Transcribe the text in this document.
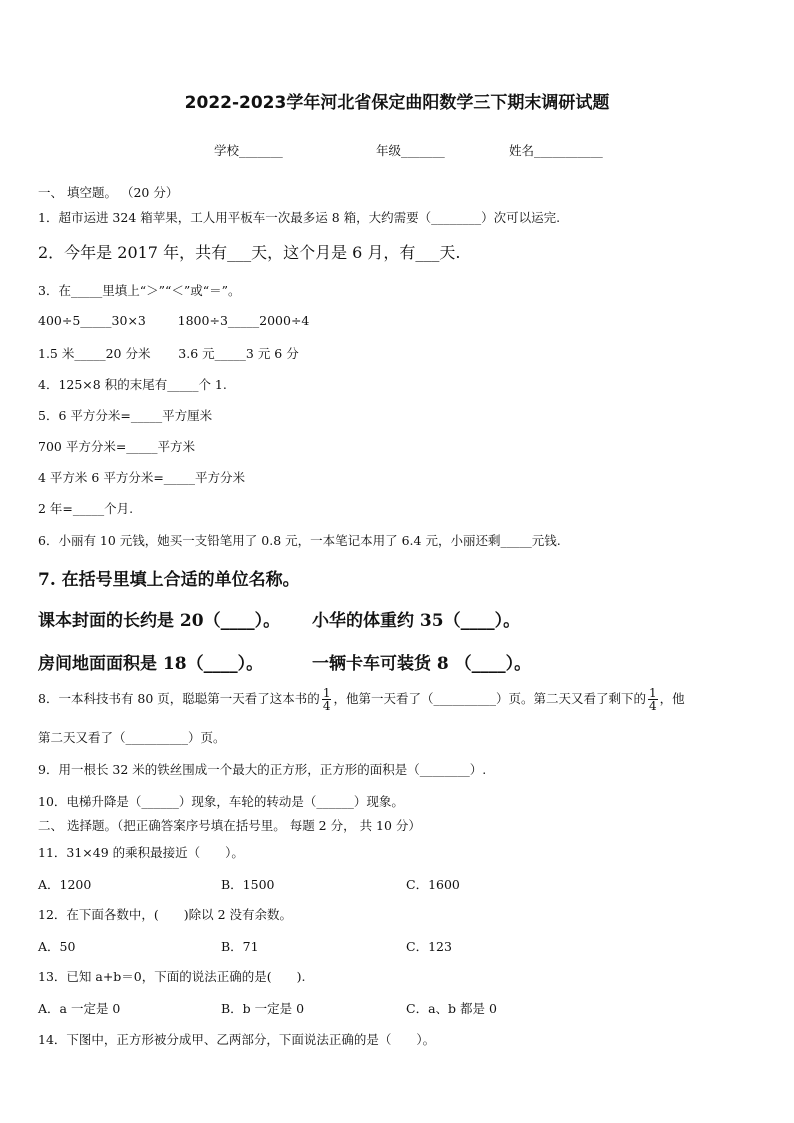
2022-2023学年河北省保定曲阳数学三下期末调研试题
学校_______	年级_______	姓名___________
一、 填空题。 （20 分）
1．超市运进 324 箱苹果，工人用平板车一次最多运 8 箱，大约需要（________）次可以运完.
2．今年是 2017 年，共有___天，这个月是 6 月，有___天.
3．在_____里填上“＞”“＜”或“＝”。
400÷5_____30×3        1800÷3_____2000÷4
1.5 米_____20 分米       3.6 元_____3 元 6 分
4．125×8 积的末尾有_____个 1.
5．6 平方分米=_____平方厘米
700 平方分米=_____平方米
4 平方米 6 平方分米=_____平方分米
2 年=_____个月.
6．小丽有 10 元钱，她买一支铅笔用了 0.8 元，一本笔记本用了 6.4 元，小丽还剩_____元钱.
7. 在括号里填上合适的单位名称。
课本封面的长约是 20（____）。 小华的体重约 35（____）。
房间地面面积是 18（____）。	一辆卡车可装货 8 （____）。
8．一本科技书有 80 页，聪聪第一天看了这本书的 $\frac{1}{4}$ ，他第一天看了（__________）页。第二天又看了剩下的 $\frac{1}{4}$ ，他
第二天又看了（__________）页。
9．用一根长 32 米的铁丝围成一个最大的正方形，正方形的面积是（________）.
10．电梯升降是（______）现象，车轮的转动是（______）现象。
二、 选择题。（把正确答案序号填在括号里。 每题 2 分， 共 10 分）
11．31×49 的乘积最接近（　　）。
A．1200	B．1500	C．1600
12．在下面各数中，(　　)除以 2 没有余数。
A．50	B．71	C．123
13．已知 a+b＝0，下面的说法正确的是(　　).
A．a 一定是 0	B．b 一定是 0	C．a、b 都是 0
14．下图中，正方形被分成甲、乙两部分，下面说法正确的是（　　）。
